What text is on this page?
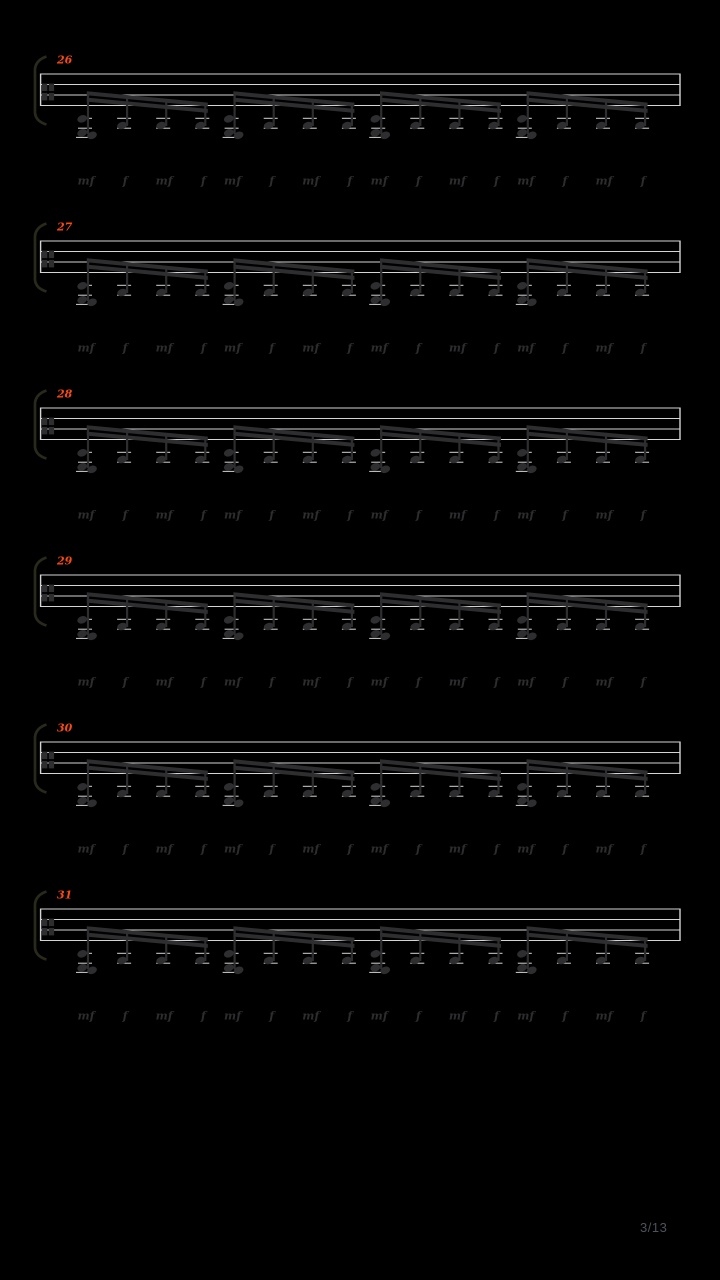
26
mf f mf f mf f mf f mf f mf f mf f mf f
27
mf f mf f mf f mf f mf f mf f mf f mf f
28
mf f mf f mf f mf f mf f mf f mf f mf f
29
mf f mf f mf f mf f mf f mf f mf f mf f
30
mf f mf f mf f mf f mf f mf f mf f mf f
31
mf f mf f mf f mf f mf f mf f mf f mf f
3/13
